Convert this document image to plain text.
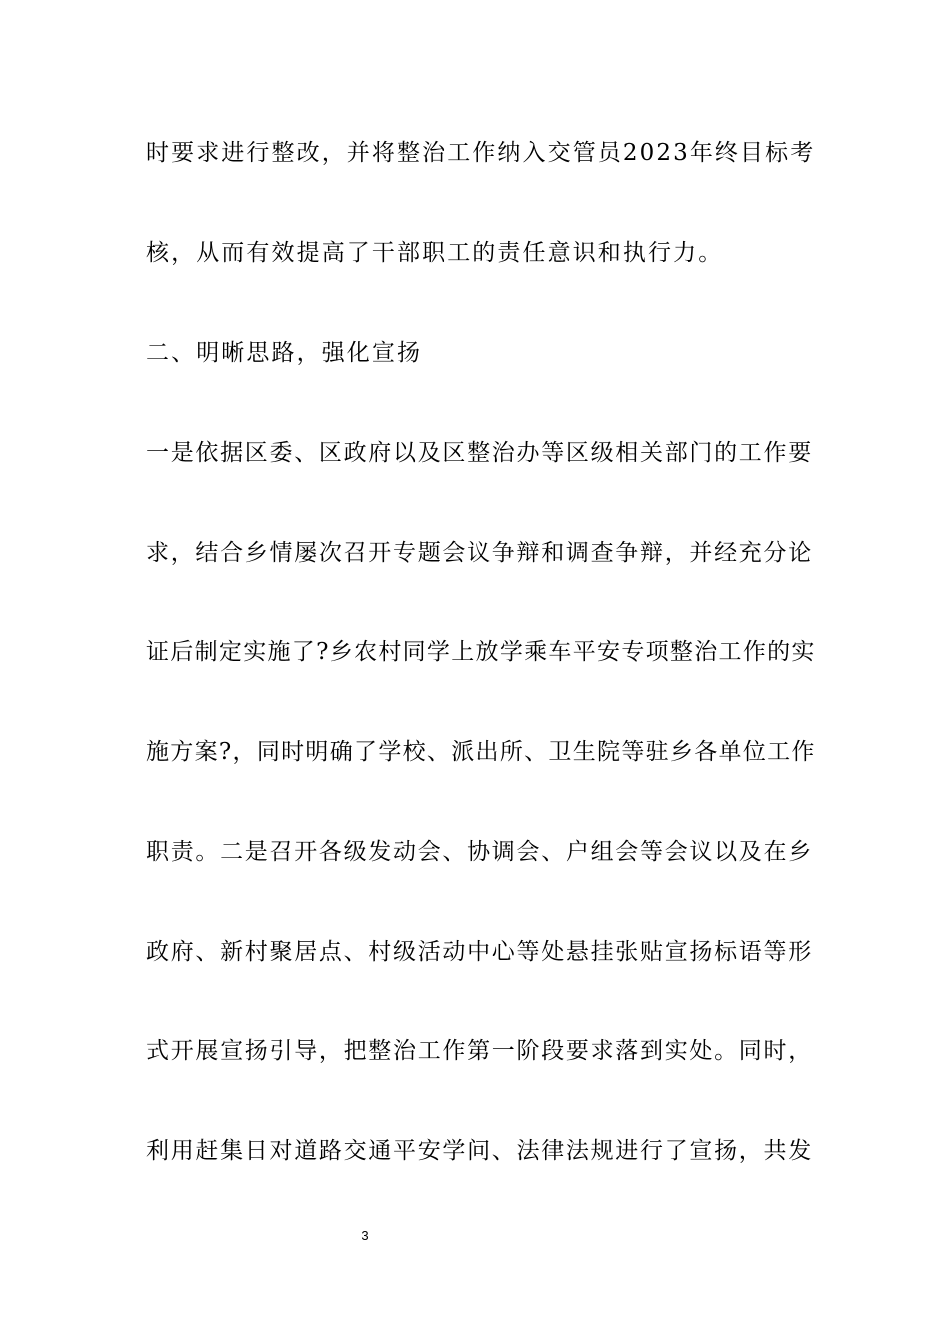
时要求进行整改，并将整治工作纳入交管员2023年终目标考
核，从而有效提高了干部职工的责任意识和执行力。
二、明晰思路，强化宣扬
一是依据区委、区政府以及区整治办等区级相关部门的工作要
求，结合乡情屡次召开专题会议争辩和调查争辩，并经充分论
证后制定实施了?乡农村同学上放学乘车平安专项整治工作的实
施方案?，同时明确了学校、派出所、卫生院等驻乡各单位工作
职责。二是召开各级发动会、协调会、户组会等会议以及在乡
政府、新村聚居点、村级活动中心等处悬挂张贴宣扬标语等形
式开展宣扬引导，把整治工作第一阶段要求落到实处。同时，
利用赶集日对道路交通平安学问、法律法规进行了宣扬，共发
3
